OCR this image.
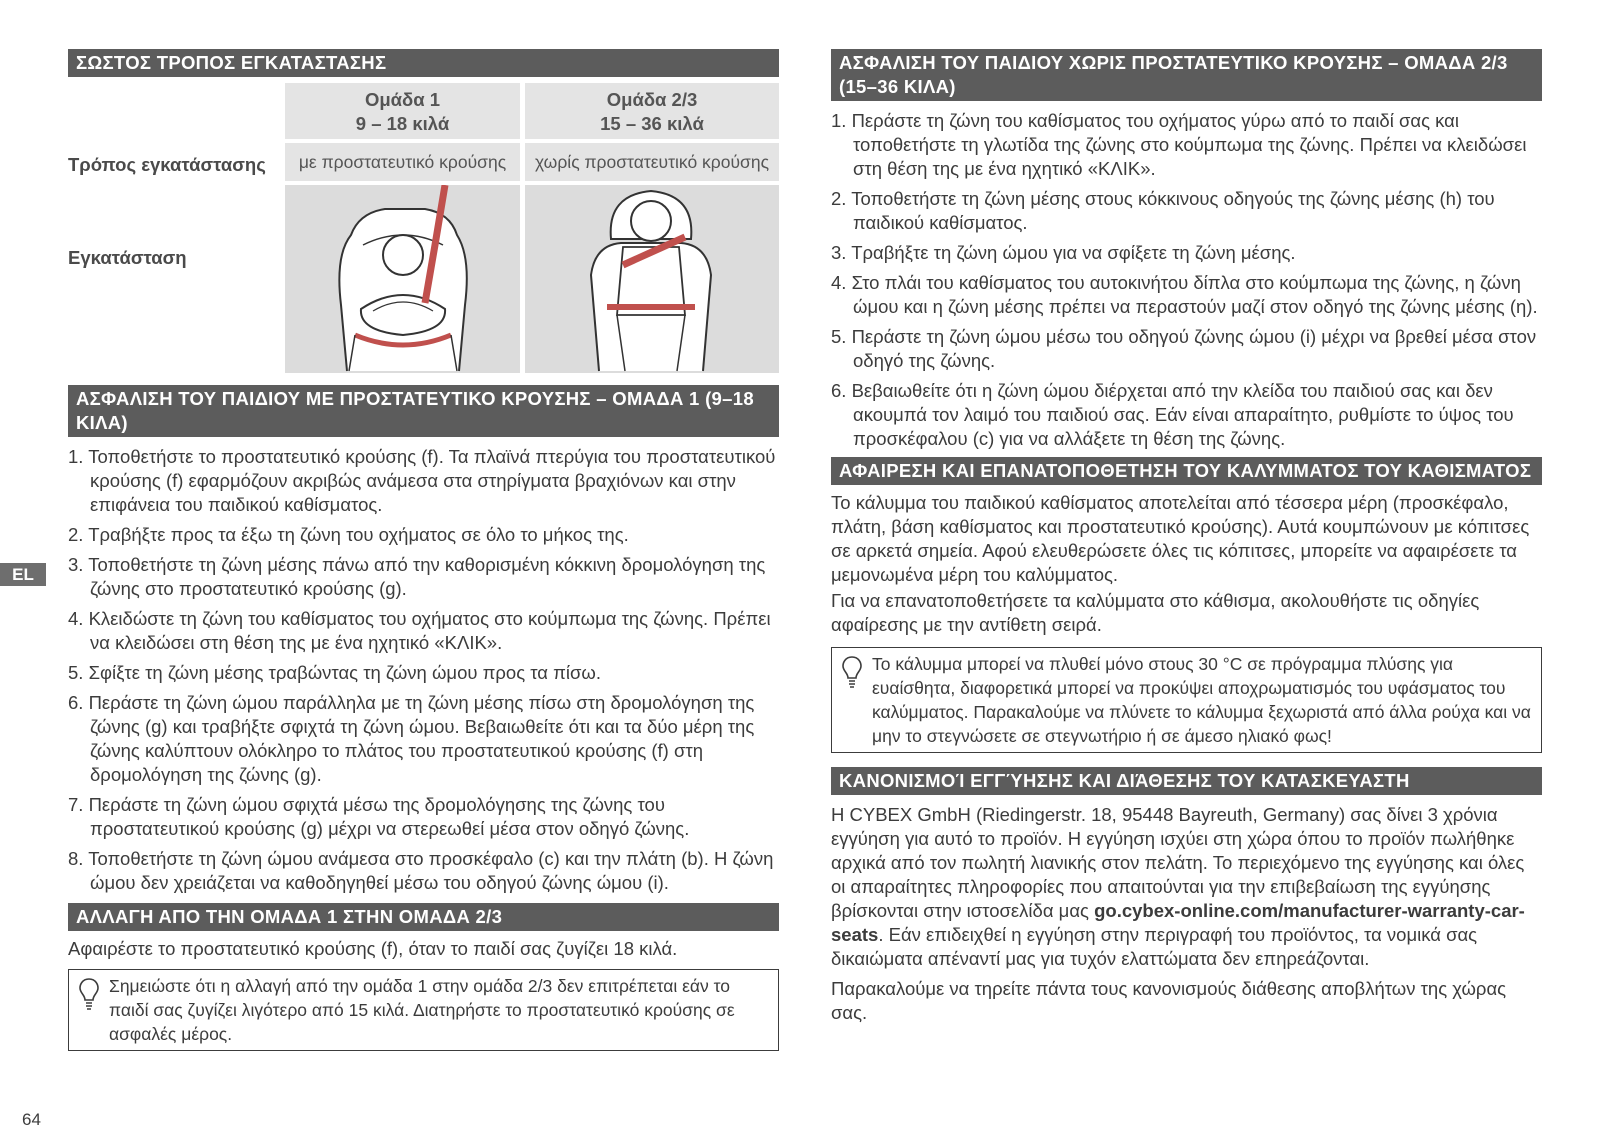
EL
64
ΣΩΣΤΟΣ ΤΡΟΠΟΣ ΕΓΚΑΤΑΣΤΑΣΗΣ
Ομάδα 1
9 – 18 κιλά
Ομάδα 2/3
15 – 36 κιλά
Τρόπος εγκατάστασης	με προστατευτικό κρούσης	χωρίς προστατευτικό κρούσης
Εγκατάσταση
ΑΣΦΑΛΙΣΗ ΤΟΥ ΠΑΙΔΙΟΥ ΜΕ ΠΡΟΣΤΑΤΕΥΤΙΚΟ ΚΡΟΥΣΗΣ – ΟΜΑΔΑ 1 (9–18 ΚΙΛΑ)
1. Τοποθετήστε το προστατευτικό κρούσης (f). Τα πλαϊνά πτερύγια του προστατευτικού κρούσης (f) εφαρμόζουν ακριβώς ανάμεσα στα στηρίγματα βραχιόνων και στην επιφάνεια του παιδικού καθίσματος.
2. Τραβήξτε προς τα έξω τη ζώνη του οχήματος σε όλο το μήκος της.
3. Τοποθετήστε τη ζώνη μέσης πάνω από την καθορισμένη κόκκινη δρομολόγηση της ζώνης στο προστατευτικό κρούσης (g).
4. Κλειδώστε τη ζώνη του καθίσματος του οχήματος στο κούμπωμα της ζώνης. Πρέπει να κλειδώσει στη θέση της με ένα ηχητικό «ΚΛΙΚ».
5. Σφίξτε τη ζώνη μέσης τραβώντας τη ζώνη ώμου προς τα πίσω.
6. Περάστε τη ζώνη ώμου παράλληλα με τη ζώνη μέσης πίσω στη δρομολόγηση της ζώνης (g) και τραβήξτε σφιχτά τη ζώνη ώμου. Βεβαιωθείτε ότι και τα δύο μέρη της ζώνης καλύπτουν ολόκληρο το πλάτος του προστατευτικού κρούσης (f) στη δρομολόγηση της ζώνης (g).
7. Περάστε τη ζώνη ώμου σφιχτά μέσω της δρομολόγησης της ζώνης του προστατευτικού κρούσης (g) μέχρι να στερεωθεί μέσα στον οδηγό ζώνης.
8. Τοποθετήστε τη ζώνη ώμου ανάμεσα στο προσκέφαλο (c) και την πλάτη (b). Η ζώνη ώμου δεν χρειάζεται να καθοδηγηθεί μέσω του οδηγού ζώνης ώμου (i).
ΑΛΛΑΓΗ ΑΠΟ ΤΗΝ ΟΜΑΔΑ 1 ΣΤΗΝ ΟΜΑΔΑ 2/3
Αφαιρέστε το προστατευτικό κρούσης (f), όταν το παιδί σας ζυγίζει 18 κιλά.
Σημειώστε ότι η αλλαγή από την ομάδα 1 στην ομάδα 2/3 δεν επιτρέπεται εάν το παιδί σας ζυγίζει λιγότερο από 15 κιλά. Διατηρήστε το προστατευτικό κρούσης σε ασφαλές μέρος.
ΑΣΦΑΛΙΣΗ ΤΟΥ ΠΑΙΔΙΟΥ ΧΩΡΙΣ ΠΡΟΣΤΑΤΕΥΤΙΚΟ ΚΡΟΥΣΗΣ – ΟΜΑΔΑ 2/3 (15–36 ΚΙΛΑ)
1. Περάστε τη ζώνη του καθίσματος του οχήματος γύρω από το παιδί σας και τοποθετήστε τη γλωτίδα της ζώνης στο κούμπωμα της ζώνης. Πρέπει να κλειδώσει στη θέση της με ένα ηχητικό «ΚΛΙΚ».
2. Τοποθετήστε τη ζώνη μέσης στους κόκκινους οδηγούς της ζώνης μέσης (h) του παιδικού καθίσματος.
3. Τραβήξτε τη ζώνη ώμου για να σφίξετε τη ζώνη μέσης.
4. Στο πλάι του καθίσματος του αυτοκινήτου δίπλα στο κούμπωμα της ζώνης, η ζώνη ώμου και η ζώνη μέσης πρέπει να περαστούν μαζί στον οδηγό της ζώνης μέσης (η).
5. Περάστε τη ζώνη ώμου μέσω του οδηγού ζώνης ώμου (i) μέχρι να βρεθεί μέσα στον οδηγό της ζώνης.
6. Βεβαιωθείτε ότι η ζώνη ώμου διέρχεται από την κλείδα του παιδιού σας και δεν ακουμπά τον λαιμό του παιδιού σας. Εάν είναι απαραίτητο, ρυθμίστε το ύψος του προσκέφαλου (c) για να αλλάξετε τη θέση της ζώνης.
ΑΦΑΙΡΕΣΗ ΚΑΙ ΕΠΑΝΑΤΟΠΟΘΕΤΗΣΗ ΤΟΥ ΚΑΛΥΜΜΑΤΟΣ ΤΟΥ ΚΑΘΙΣΜΑΤΟΣ
Το κάλυμμα του παιδικού καθίσματος αποτελείται από τέσσερα μέρη (προσκέφαλο, πλάτη, βάση καθίσματος και προστατευτικό κρούσης). Αυτά κουμπώνουν με κόπιτσες σε αρκετά σημεία. Αφού ελευθερώσετε όλες τις κόπιτσες, μπορείτε να αφαιρέσετε τα μεμονωμένα μέρη του καλύμματος.
Για να επανατοποθετήσετε τα καλύμματα στο κάθισμα, ακολουθήστε τις οδηγίες αφαίρεσης με την αντίθετη σειρά.
Το κάλυμμα μπορεί να πλυθεί μόνο στους 30 °C σε πρόγραμμα πλύσης για ευαίσθητα, διαφορετικά μπορεί να προκύψει αποχρωματισμός του υφάσματος του καλύμματος. Παρακαλούμε να πλύνετε το κάλυμμα ξεχωριστά από άλλα ρούχα και να μην το στεγνώσετε σε στεγνωτήριο ή σε άμεσο ηλιακό φως!
ΚΑΝΟΝΙΣΜΟΊ ΕΓΓΎΗΣΗΣ ΚΑΙ ΔΙΆΘΕΣΗΣ ΤΟΥ ΚΑΤΑΣΚΕΥΑΣΤΗ
Η CYBEX GmbH (Riedingerstr. 18, 95448 Bayreuth, Germany) σας δίνει 3 χρόνια εγγύηση για αυτό το προϊόν. Η εγγύηση ισχύει στη χώρα όπου το προϊόν πωλήθηκε αρχικά από τον πωλητή λιανικής στον πελάτη. Το περιεχόμενο της εγγύησης και όλες οι απαραίτητες πληροφορίες που απαιτούνται για την επιβεβαίωση της εγγύησης βρίσκονται στην ιστοσελίδα μας go.cybex-online.com/manufacturer-warranty-car-seats. Εάν επιδειχθεί η εγγύηση στην περιγραφή του προϊόντος, τα νομικά σας δικαιώματα απέναντί μας για τυχόν ελαττώματα δεν επηρεάζονται.
Παρακαλούμε να τηρείτε πάντα τους κανονισμούς διάθεσης αποβλήτων της χώρας σας.
